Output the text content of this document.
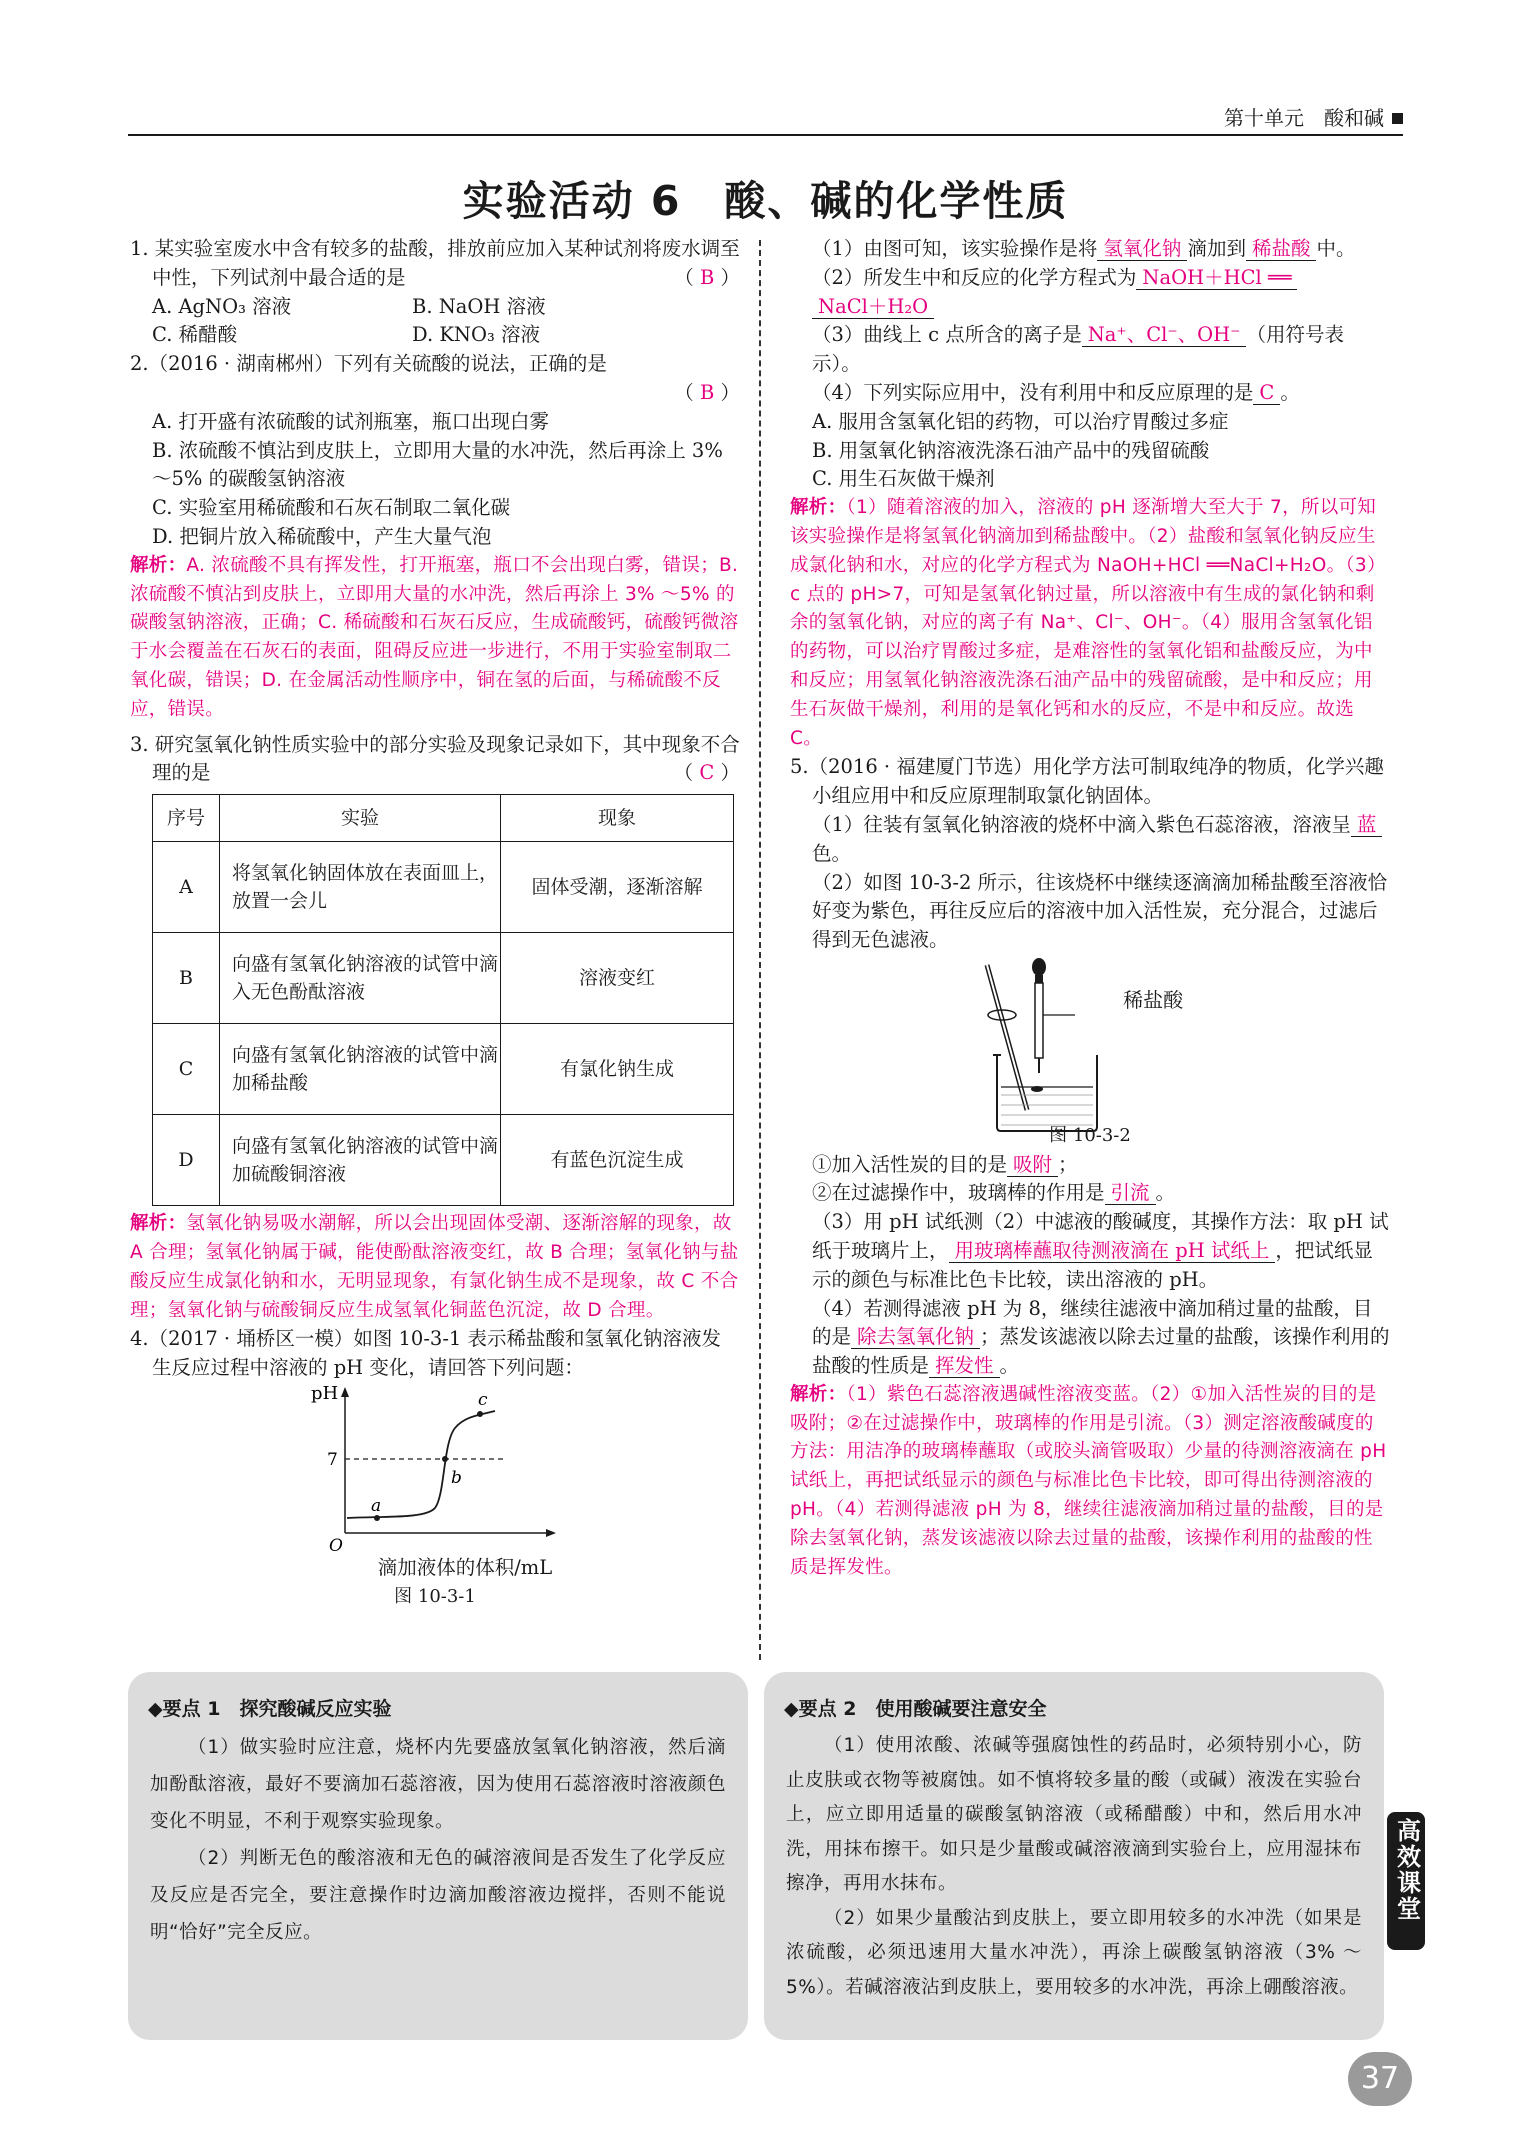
第十单元　酸和碱
实验活动 6　酸、碱的化学性质

1. 某实验室废水中含有较多的盐酸，排放前应加入某种试剂将废水调至中性，下列试剂中最合适的是	（ B ）

A. AgNO₃ 溶液	B. NaOH 溶液
C. 稀醋酸	D. KNO₃ 溶液

2.（2016 · 湖南郴州）下列有关硫酸的说法，正确的是

（ B ）

A. 打开盛有浓硫酸的试剂瓶塞，瓶口出现白雾

B. 浓硫酸不慎沾到皮肤上，立即用大量的水冲洗，然后再涂上 3% ～5% 的碳酸氢钠溶液

C. 实验室用稀硫酸和石灰石制取二氧化碳

D. 把铜片放入稀硫酸中，产生大量气泡

解析：A. 浓硫酸不具有挥发性，打开瓶塞，瓶口不会出现白雾，错误；B. 浓硫酸不慎沾到皮肤上，立即用大量的水冲洗，然后再涂上 3% ～5% 的碳酸氢钠溶液，正确；C. 稀硫酸和石灰石反应，生成硫酸钙，硫酸钙微溶于水会覆盖在石灰石的表面，阻碍反应进一步进行，不用于实验室制取二氧化碳，错误；D. 在金属活动性顺序中，铜在氢的后面，与稀硫酸不反应，错误。

3. 研究氢氧化钠性质实验中的部分实验及现象记录如下，其中现象不合理的是	（ C ）

序号	实验	现象
A	将氢氧化钠固体放在表面皿上，放置一会儿	固体受潮，逐渐溶解
B	向盛有氢氧化钠溶液的试管中滴入无色酚酞溶液	溶液变红
C	向盛有氢氧化钠溶液的试管中滴加稀盐酸	有氯化钠生成
D	向盛有氢氧化钠溶液的试管中滴加硫酸铜溶液	有蓝色沉淀生成

解析：氢氧化钠易吸水潮解，所以会出现固体受潮、逐渐溶解的现象，故 A 合理；氢氧化钠属于碱，能使酚酞溶液变红，故 B 合理；氢氧化钠与盐酸反应生成氯化钠和水，无明显现象，有氯化钠生成不是现象，故 C 不合理；氢氧化钠与硫酸铜反应生成氢氧化铜蓝色沉淀，故 D 合理。

4.（2017 · 埇桥区一模）如图 10-3-1 表示稀盐酸和氢氧化钠溶液发生反应过程中溶液的 pH 变化，请回答下列问题：

pH
7
O
a
b
c
滴加液体的体积/mL
图 10-3-1

（1）由图可知，该实验操作是将 氢氧化钠 滴加到 稀盐酸 中。

（2）所发生中和反应的化学方程式为 NaOH＋HCl ══
NaCl＋H₂O

（3）曲线上 c 点所含的离子是 Na⁺、Cl⁻、OH⁻ （用符号表示）。

（4）下列实际应用中，没有利用中和反应原理的是 C 。

A. 服用含氢氧化铝的药物，可以治疗胃酸过多症

B. 用氢氧化钠溶液洗涤石油产品中的残留硫酸

C. 用生石灰做干燥剂

解析：（1）随着溶液的加入，溶液的 pH 逐渐增大至大于 7，所以可知该实验操作是将氢氧化钠滴加到稀盐酸中。（2）盐酸和氢氧化钠反应生成氯化钠和水，对应的化学方程式为 NaOH+HCl ══NaCl+H₂O。（3）c 点的 pH>7，可知是氢氧化钠过量，所以溶液中有生成的氯化钠和剩余的氢氧化钠，对应的离子有 Na⁺、Cl⁻、OH⁻。（4）服用含氢氧化铝的药物，可以治疗胃酸过多症，是难溶性的氢氧化铝和盐酸反应，为中和反应；用氢氧化钠溶液洗涤石油产品中的残留硫酸，是中和反应；用生石灰做干燥剂，利用的是氧化钙和水的反应，不是中和反应。故选 C。

5.（2016 · 福建厦门节选）用化学方法可制取纯净的物质，化学兴趣小组应用中和反应原理制取氯化钠固体。

（1）往装有氢氧化钠溶液的烧杯中滴入紫色石蕊溶液，溶液呈 蓝色。

（2）如图 10-3-2 所示，往该烧杯中继续逐滴滴加稀盐酸至溶液恰好变为紫色，再往反应后的溶液中加入活性炭，充分混合，过滤后得到无色滤液。

稀盐酸
图 10-3-2

①加入活性炭的目的是 吸附 ；

②在过滤操作中，玻璃棒的作用是 引流 。

（3）用 pH 试纸测（2）中滤液的酸碱度，其操作方法：取 pH 试纸于玻璃片上， 用玻璃棒蘸取待测液滴在 pH 试纸上 ，把试纸显示的颜色与标准比色卡比较，读出溶液的 pH。

（4）若测得滤液 pH 为 8，继续往滤液中滴加稍过量的盐酸，目的是 除去氢氧化钠 ；蒸发该滤液以除去过量的盐酸，该操作利用的盐酸的性质是 挥发性 。

解析：（1）紫色石蕊溶液遇碱性溶液变蓝。（2）①加入活性炭的目的是吸附；②在过滤操作中，玻璃棒的作用是引流。（3）测定溶液酸碱度的方法：用洁净的玻璃棒蘸取（或胶头滴管吸取）少量的待测溶液滴在 pH 试纸上，再把试纸显示的颜色与标准比色卡比较，即可得出待测溶液的 pH。（4）若测得滤液 pH 为 8，继续往滤液滴加稍过量的盐酸，目的是除去氢氧化钠，蒸发该滤液以除去过量的盐酸，该操作利用的盐酸的性质是挥发性。

◆要点 1　探究酸碱反应实验

（1）做实验时应注意，烧杯内先要盛放氢氧化钠溶液，然后滴加酚酞溶液，最好不要滴加石蕊溶液，因为使用石蕊溶液时溶液颜色变化不明显，不利于观察实验现象。

（2）判断无色的酸溶液和无色的碱溶液间是否发生了化学反应及反应是否完全，要注意操作时边滴加酸溶液边搅拌，否则不能说明“恰好”完全反应。

◆要点 2　使用酸碱要注意安全

（1）使用浓酸、浓碱等强腐蚀性的药品时，必须特别小心，防止皮肤或衣物等被腐蚀。如不慎将较多量的酸（或碱）液泼在实验台上，应立即用适量的碳酸氢钠溶液（或稀醋酸）中和，然后用水冲洗，用抹布擦干。如只是少量酸或碱溶液滴到实验台上，应用湿抹布擦净，再用水抹布。

（2）如果少量酸沾到皮肤上，要立即用较多的水冲洗（如果是浓硫酸，必须迅速用大量水冲洗），再涂上碳酸氢钠溶液（3% ～5%）。若碱溶液沾到皮肤上，要用较多的水冲洗，再涂上硼酸溶液。

高效课堂
37
